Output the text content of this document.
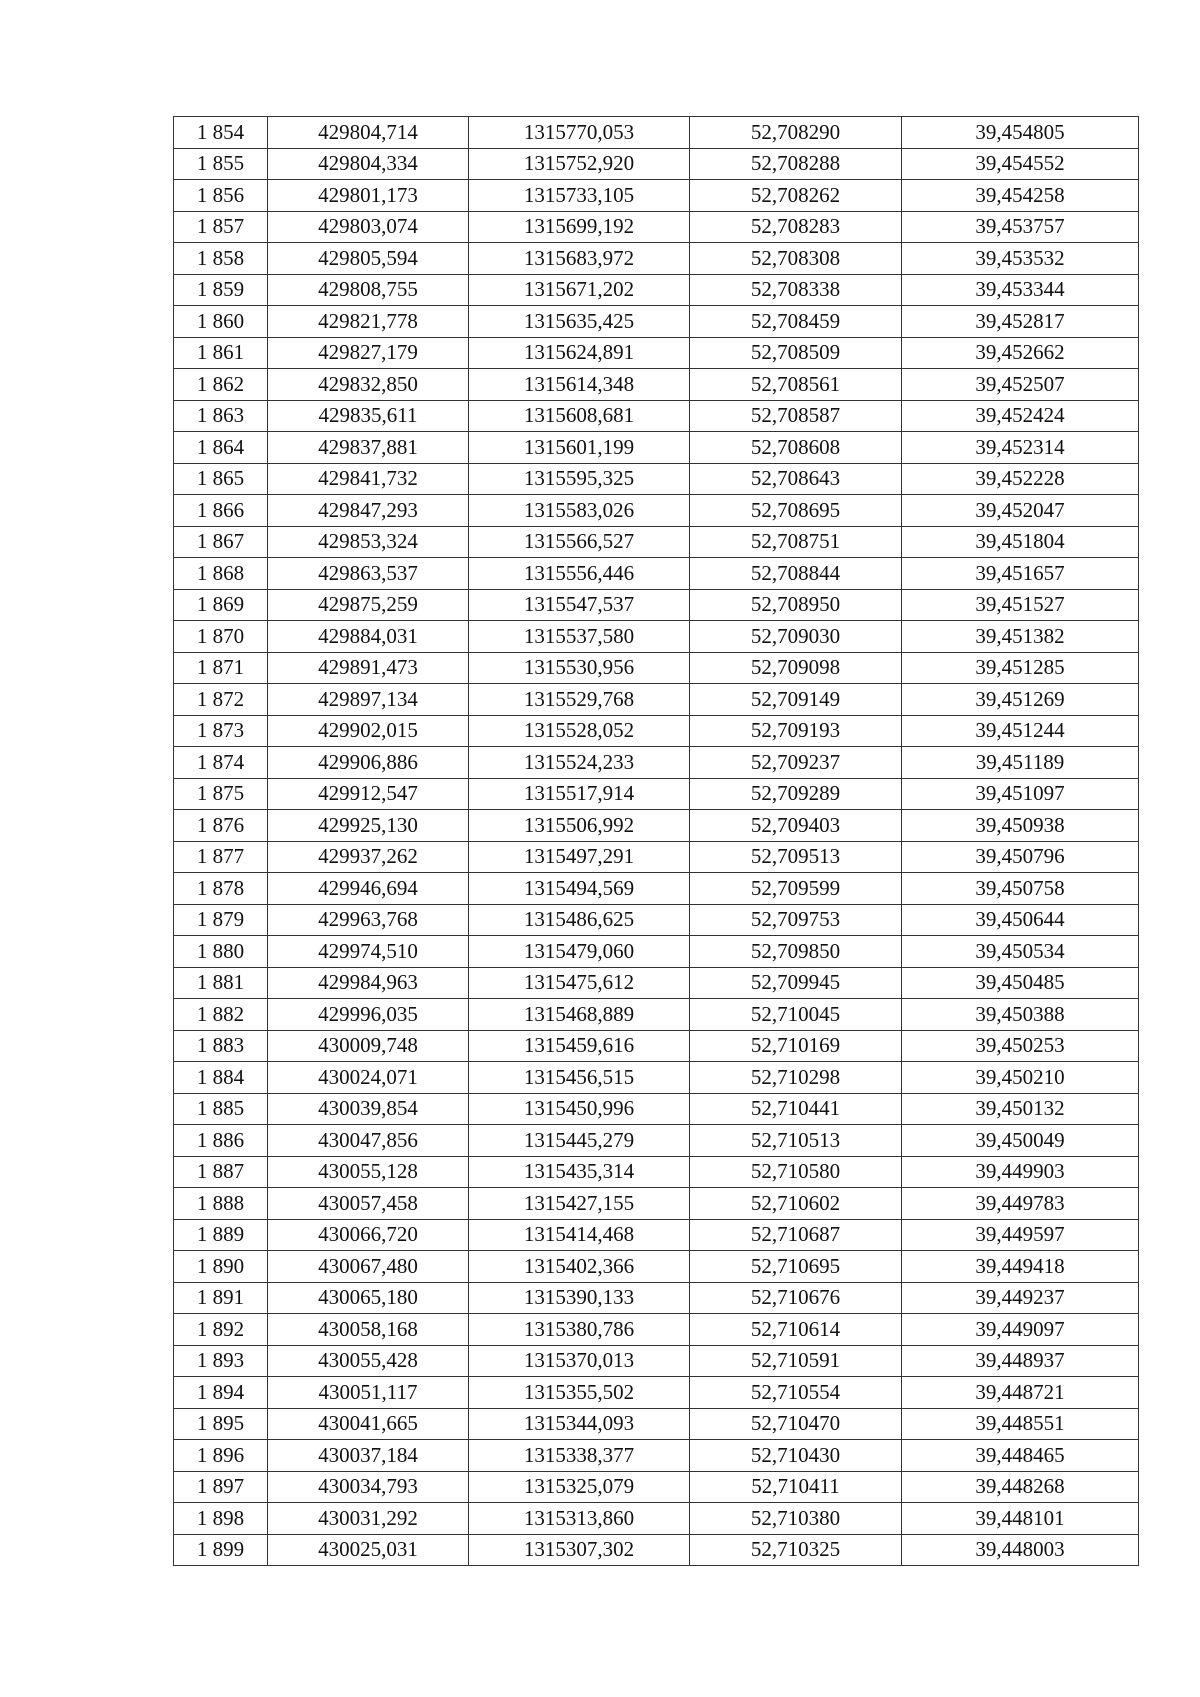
1 854	429804,714	1315770,053	52,708290	39,454805
1 855	429804,334	1315752,920	52,708288	39,454552
1 856	429801,173	1315733,105	52,708262	39,454258
1 857	429803,074	1315699,192	52,708283	39,453757
1 858	429805,594	1315683,972	52,708308	39,453532
1 859	429808,755	1315671,202	52,708338	39,453344
1 860	429821,778	1315635,425	52,708459	39,452817
1 861	429827,179	1315624,891	52,708509	39,452662
1 862	429832,850	1315614,348	52,708561	39,452507
1 863	429835,611	1315608,681	52,708587	39,452424
1 864	429837,881	1315601,199	52,708608	39,452314
1 865	429841,732	1315595,325	52,708643	39,452228
1 866	429847,293	1315583,026	52,708695	39,452047
1 867	429853,324	1315566,527	52,708751	39,451804
1 868	429863,537	1315556,446	52,708844	39,451657
1 869	429875,259	1315547,537	52,708950	39,451527
1 870	429884,031	1315537,580	52,709030	39,451382
1 871	429891,473	1315530,956	52,709098	39,451285
1 872	429897,134	1315529,768	52,709149	39,451269
1 873	429902,015	1315528,052	52,709193	39,451244
1 874	429906,886	1315524,233	52,709237	39,451189
1 875	429912,547	1315517,914	52,709289	39,451097
1 876	429925,130	1315506,992	52,709403	39,450938
1 877	429937,262	1315497,291	52,709513	39,450796
1 878	429946,694	1315494,569	52,709599	39,450758
1 879	429963,768	1315486,625	52,709753	39,450644
1 880	429974,510	1315479,060	52,709850	39,450534
1 881	429984,963	1315475,612	52,709945	39,450485
1 882	429996,035	1315468,889	52,710045	39,450388
1 883	430009,748	1315459,616	52,710169	39,450253
1 884	430024,071	1315456,515	52,710298	39,450210
1 885	430039,854	1315450,996	52,710441	39,450132
1 886	430047,856	1315445,279	52,710513	39,450049
1 887	430055,128	1315435,314	52,710580	39,449903
1 888	430057,458	1315427,155	52,710602	39,449783
1 889	430066,720	1315414,468	52,710687	39,449597
1 890	430067,480	1315402,366	52,710695	39,449418
1 891	430065,180	1315390,133	52,710676	39,449237
1 892	430058,168	1315380,786	52,710614	39,449097
1 893	430055,428	1315370,013	52,710591	39,448937
1 894	430051,117	1315355,502	52,710554	39,448721
1 895	430041,665	1315344,093	52,710470	39,448551
1 896	430037,184	1315338,377	52,710430	39,448465
1 897	430034,793	1315325,079	52,710411	39,448268
1 898	430031,292	1315313,860	52,710380	39,448101
1 899	430025,031	1315307,302	52,710325	39,448003
